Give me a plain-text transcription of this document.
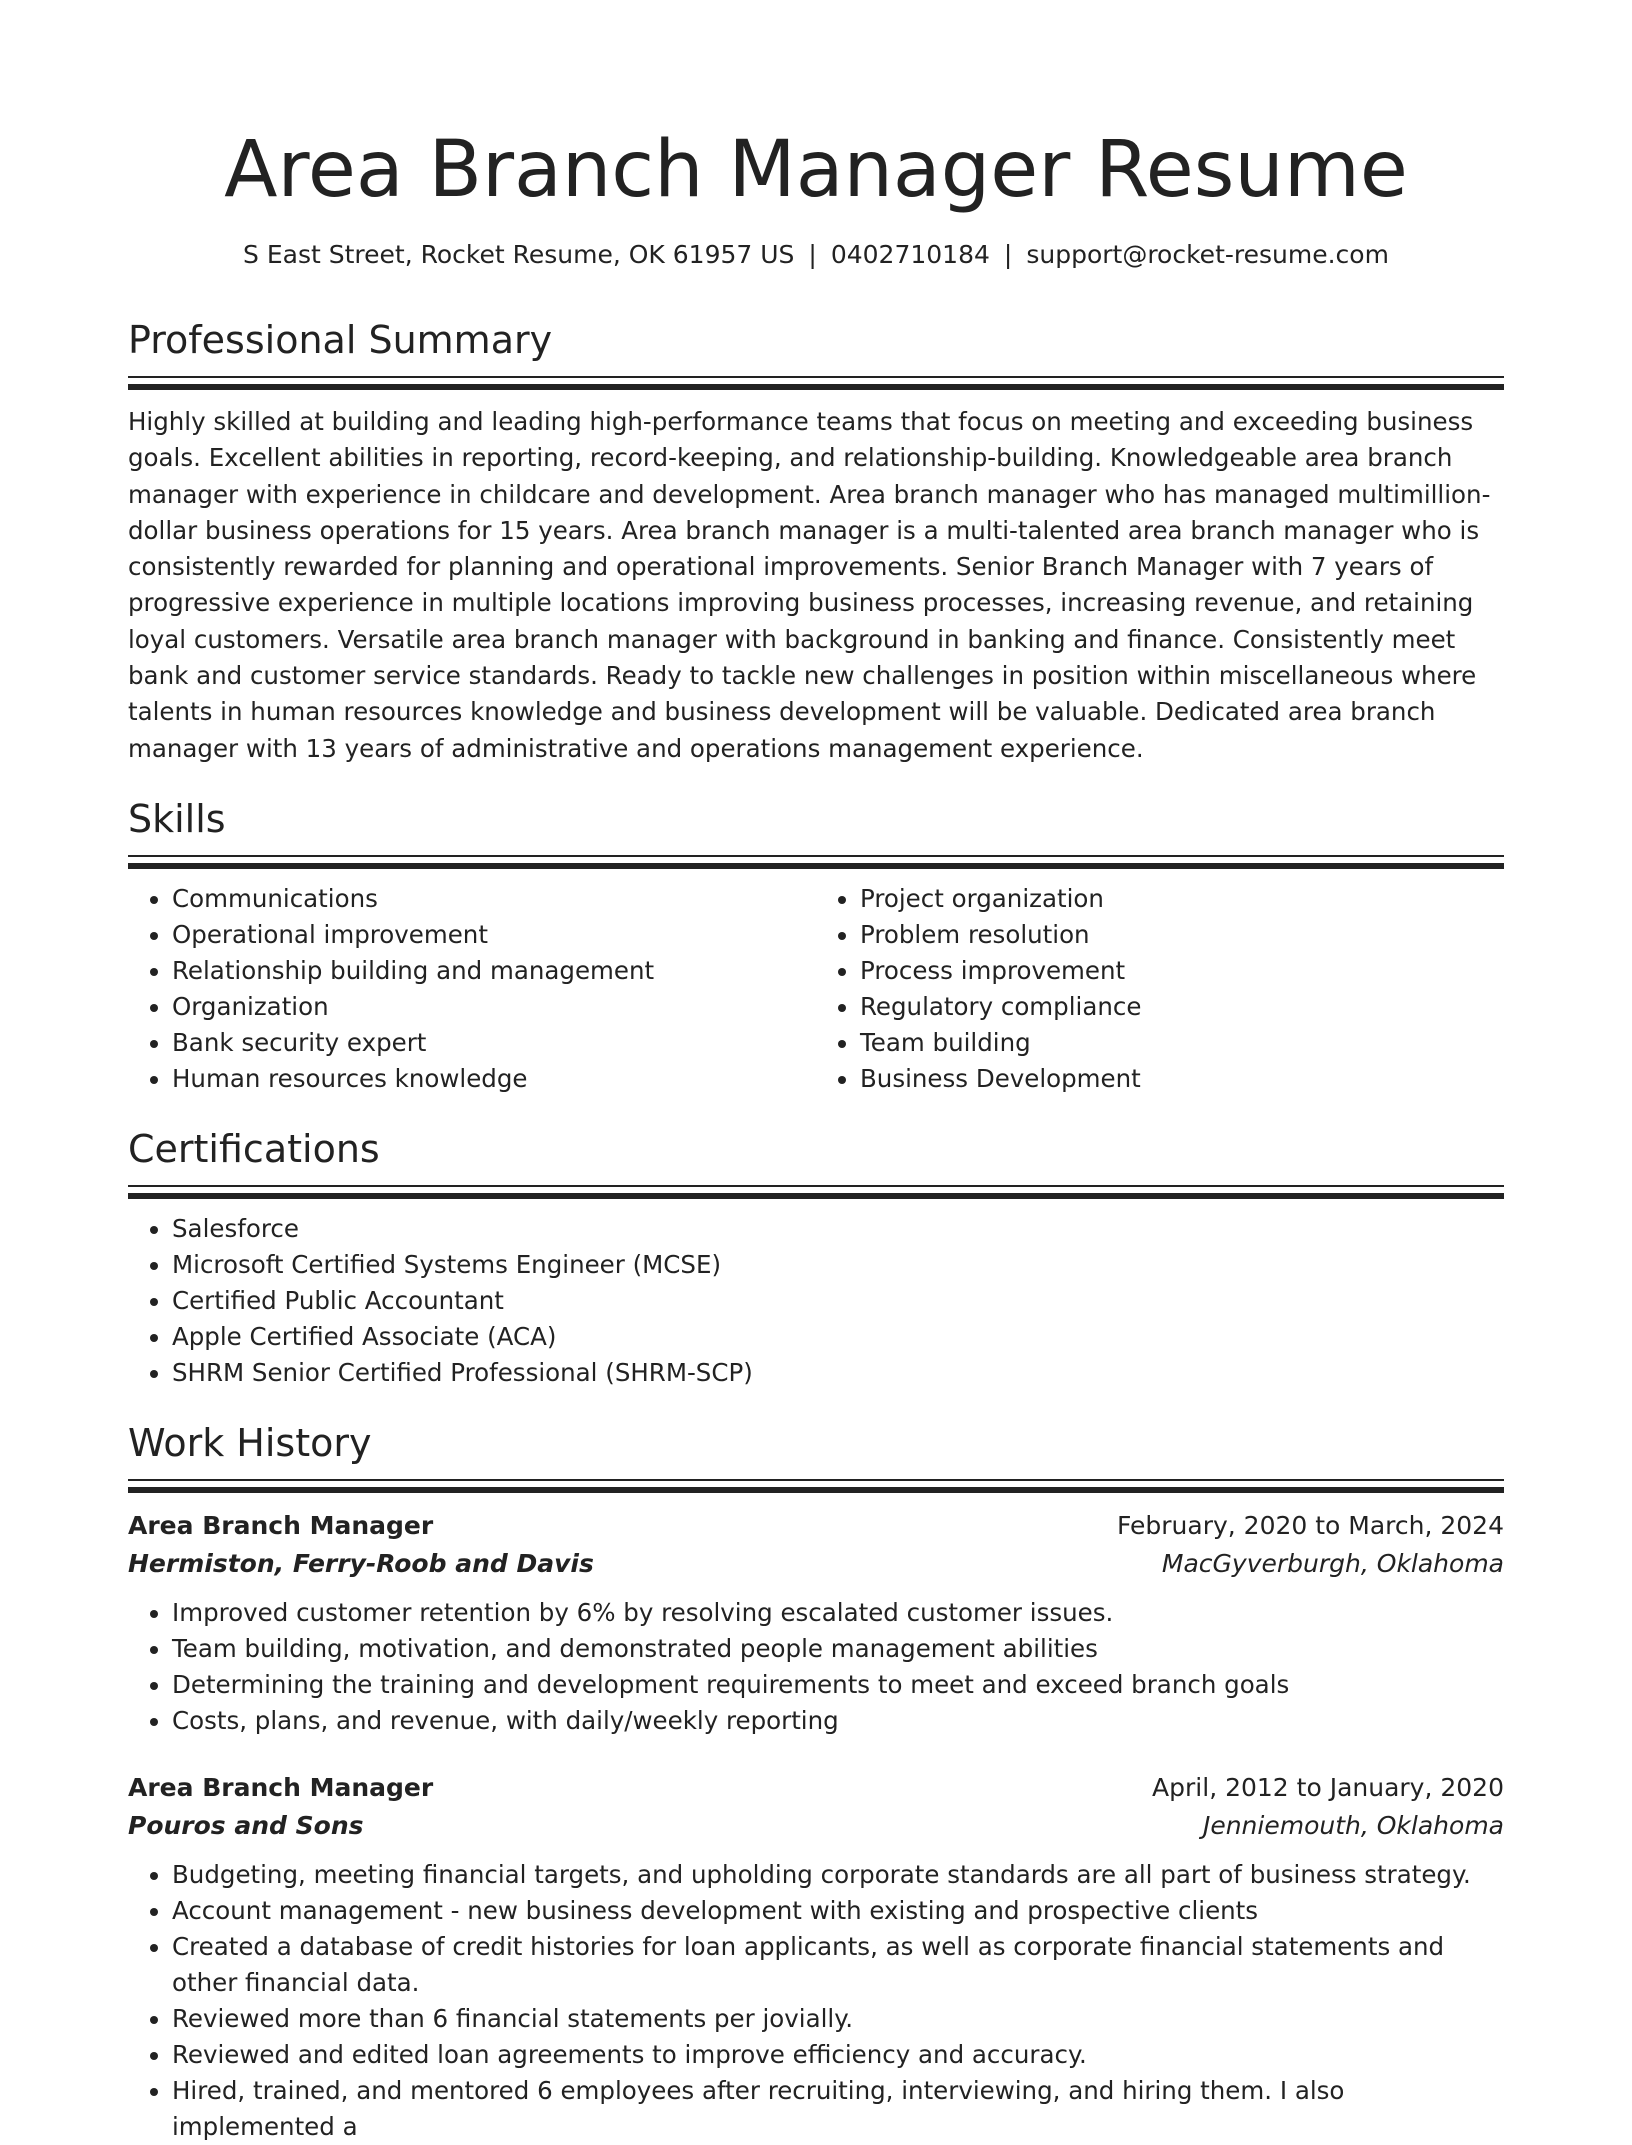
Area Branch Manager Resume
S East Street, Rocket Resume, OK 61957 US | 0402710184 | support@rocket-resume.com
Professional Summary

Highly skilled at building and leading high-performance teams that focus on meeting and exceeding business goals. Excellent abilities in reporting, record-keeping, and relationship-building. Knowledgeable area branch manager with experience in childcare and development. Area branch manager who has managed multimillion-dollar business operations for 15 years. Area branch manager is a multi-talented area branch manager who is consistently rewarded for planning and operational improvements. Senior Branch Manager with 7 years of progressive experience in multiple locations improving business processes, increasing revenue, and retaining loyal customers. Versatile area branch manager with background in banking and finance. Consistently meet bank and customer service standards. Ready to tackle new challenges in position within miscellaneous where talents in human resources knowledge and business development will be valuable. Dedicated area branch manager with 13 years of administrative and operations management experience.

Skills
• Communications
• Operational improvement
• Relationship building and management
• Organization
• Bank security expert
• Human resources knowledge
• Project organization
• Problem resolution
• Process improvement
• Regulatory compliance
• Team building
• Business Development
Certifications
• Salesforce
• Microsoft Certified Systems Engineer (MCSE)
• Certified Public Accountant
• Apple Certified Associate (ACA)
• SHRM Senior Certified Professional (SHRM-SCP)
Work History
Area Branch Manager	February, 2020 to March, 2024
Hermiston, Ferry-Roob and Davis	MacGyverburgh, Oklahoma
• Improved customer retention by 6% by resolving escalated customer issues.
• Team building, motivation, and demonstrated people management abilities
• Determining the training and development requirements to meet and exceed branch goals
• Costs, plans, and revenue, with daily/weekly reporting
Area Branch Manager	April, 2012 to January, 2020
Pouros and Sons	Jenniemouth, Oklahoma
• Budgeting, meeting financial targets, and upholding corporate standards are all part of business strategy.
• Account management - new business development with existing and prospective clients
• Created a database of credit histories for loan applicants, as well as corporate financial statements and other financial data.
• Reviewed more than 6 financial statements per jovially.
• Reviewed and edited loan agreements to improve efficiency and accuracy.
• Hired, trained, and mentored 6 employees after recruiting, interviewing, and hiring them. I also implemented a
